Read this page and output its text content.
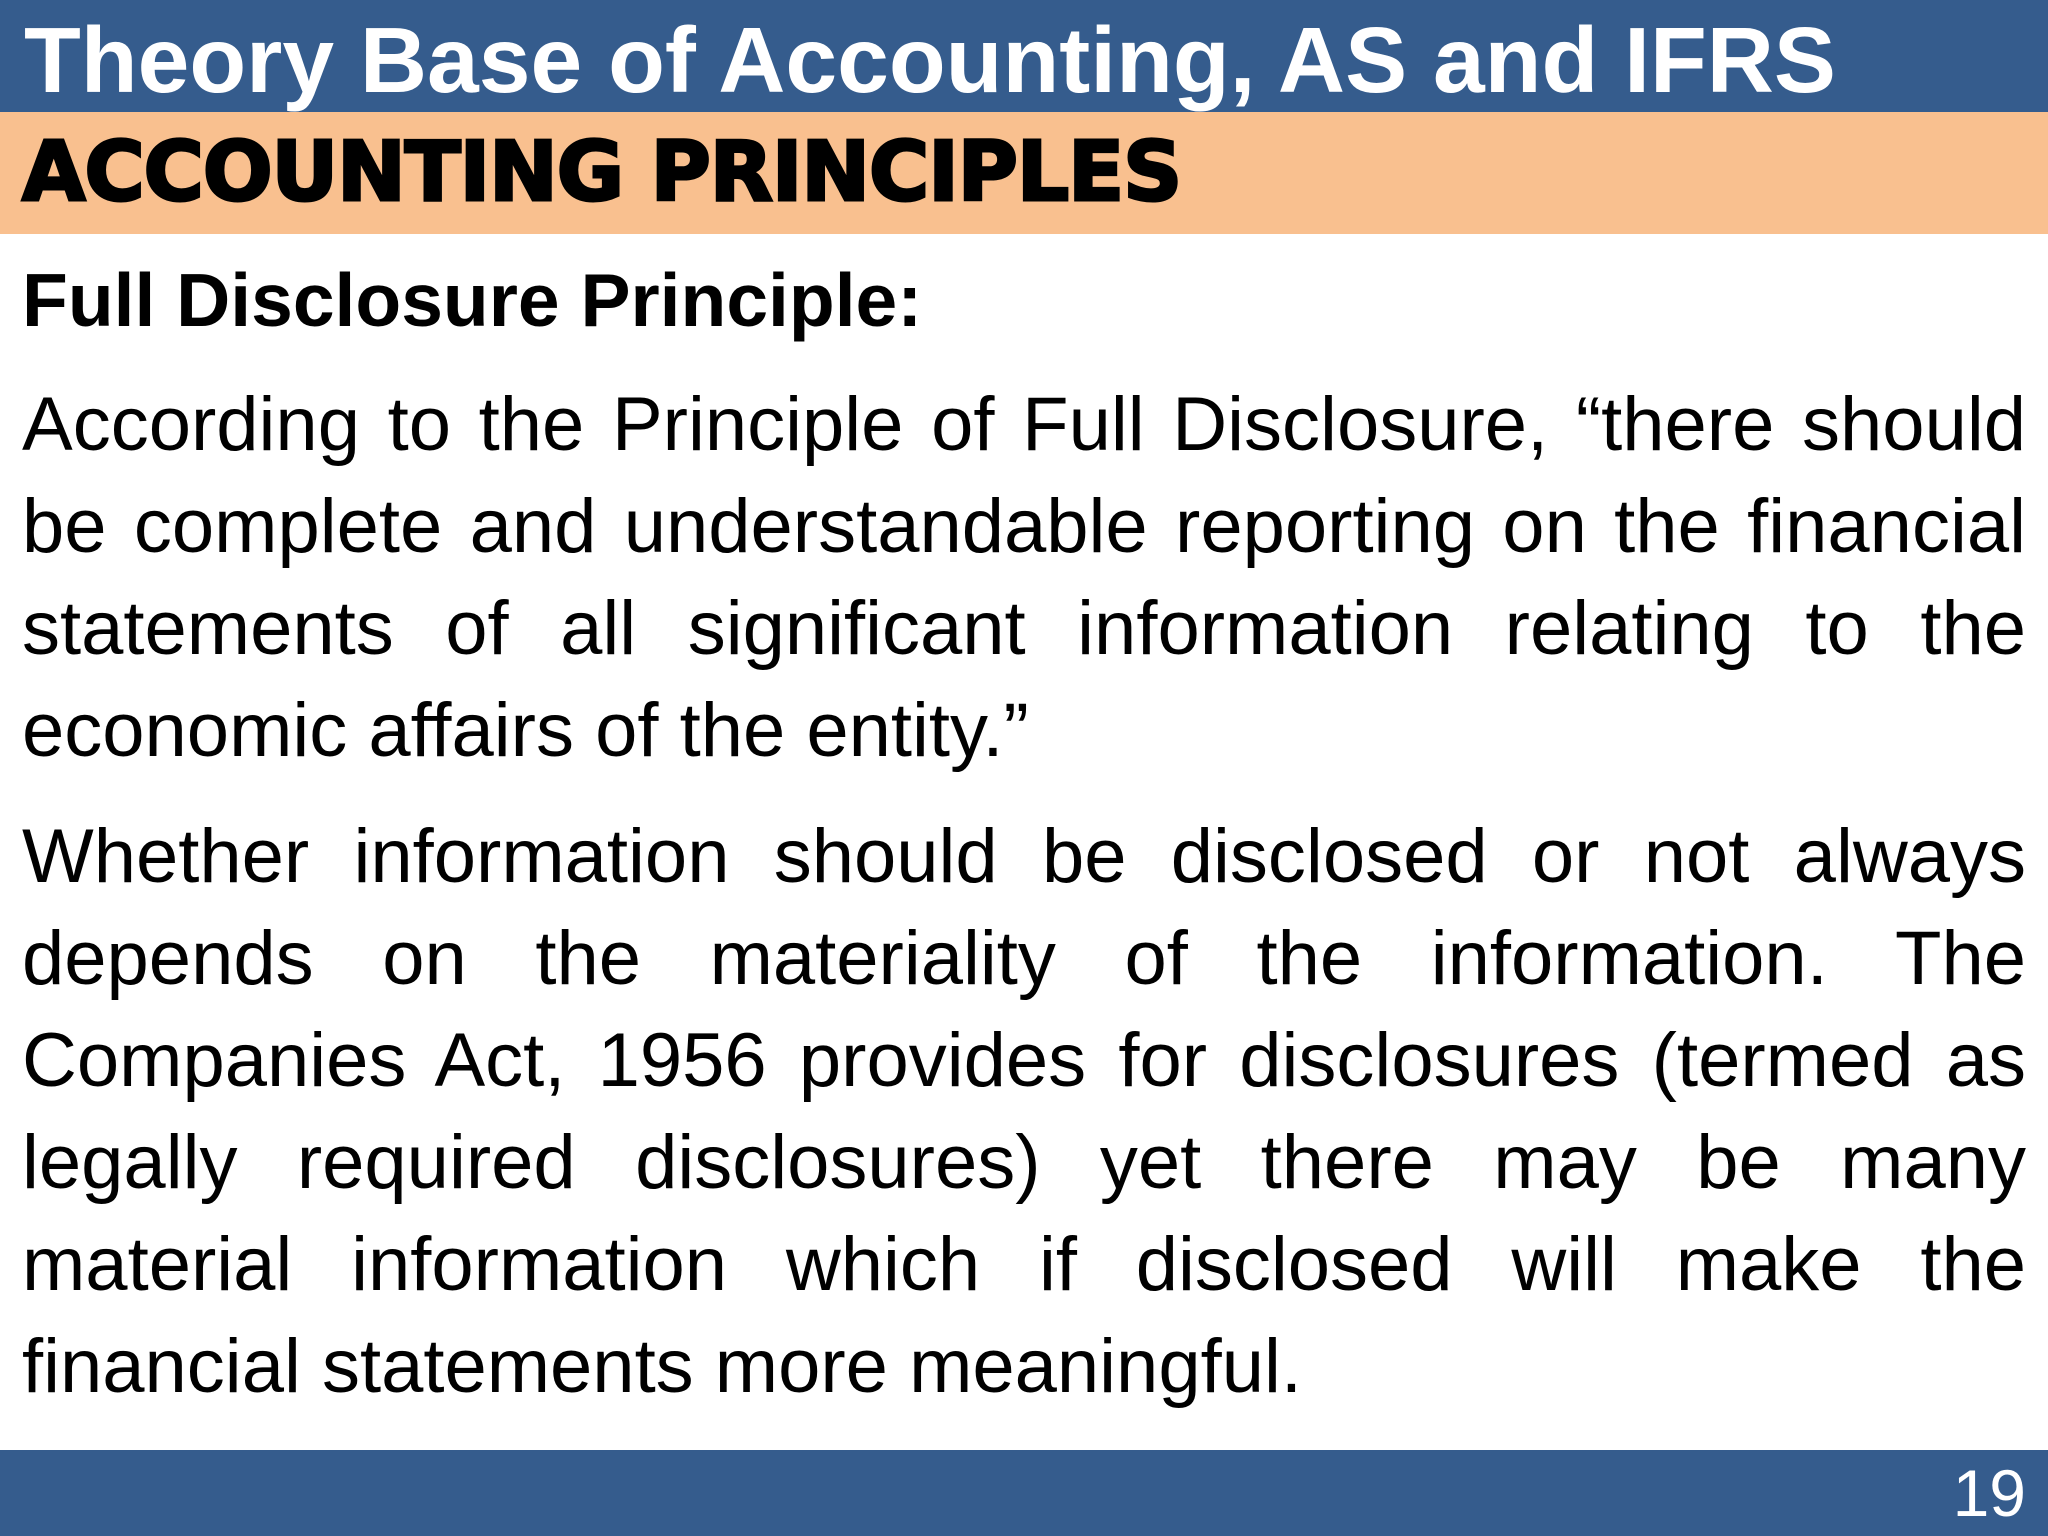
Theory Base of Accounting, AS and IFRS
ACCOUNTING PRINCIPLES

Full Disclosure Principle:

According to the Principle of Full Disclosure, “there should be complete and understandable reporting on the financial statements of all significant information relating to the economic affairs of the entity.”

Whether information should be disclosed or not always depends on the materiality of the information. The Companies Act, 1956 provides for disclosures (termed as legally required disclosures) yet there may be many material information which if disclosed will make the financial statements more meaningful.

19
